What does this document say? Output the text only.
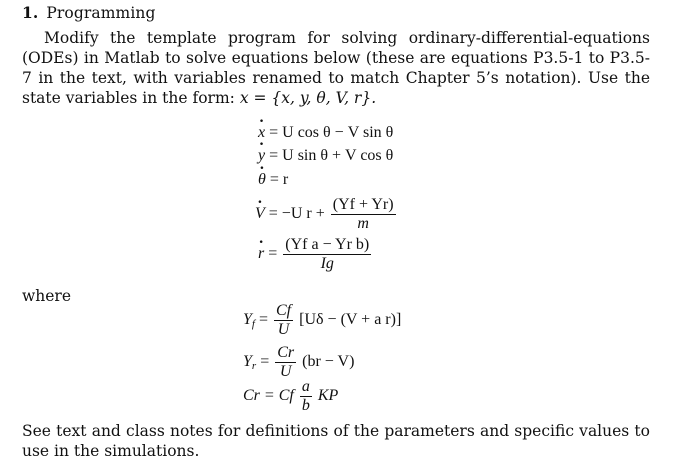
1. Programming
Modify the template program for solving ordinary-differential-equations (ODEs) in Matlab to solve equations below (these are equations P3.5-1 to P3.5-7 in the text, with variables renamed to match Chapter 5’s notation). Use the state variables in the form: x = {x, y, θ, V, r}.
x · = U cos θ − V sin θ
y · = U sin θ + V cos θ
θ · = r
V · = −U $r + \frac{(Yf + Yr)}{m}$
r · = $\frac{\text{(Yf a − Yr b)}}{Ig}$
where
$Y_f = \frac{Cf}{U} [U\delta - (V + a$ r)]
$Y_r = \frac{Cr}{U} (br - V)$
Cr = Cf $\frac{a}{b}$ KP
See text and class notes for definitions of the parameters and specific values to use in the simulations.
